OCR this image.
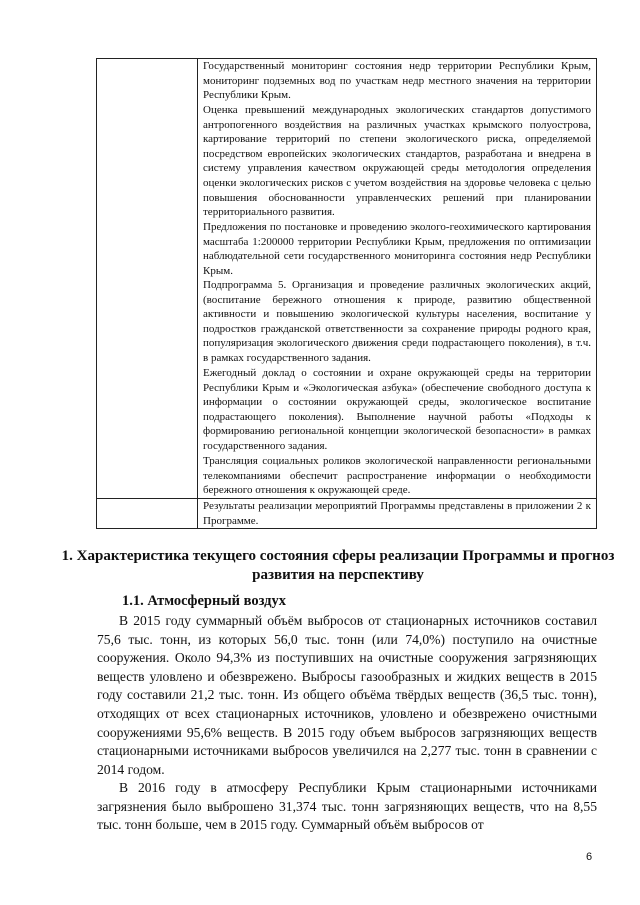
Государственный мониторинг состояния недр территории Республики Крым, мониторинг подземных вод по участкам недр местного значения на территории Республики Крым.
Оценка превышений международных экологических стандартов допустимого антропогенного воздействия на различных участках крымского полуострова, картирование территорий по степени экологического риска, определяемой посредством европейских экологических стандартов, разработана и внедрена в систему управления качеством окружающей среды методология определения оценки экологических рисков с учетом воздействия на здоровье человека с целью повышения обоснованности управленческих решений при планировании территориального развития.
Предложения по постановке и проведению эколого-геохимического картирования масштаба 1:200000 территории Республики Крым, предложения по оптимизации наблюдательной сети государственного мониторинга состояния недр Республики Крым.
Подпрограмма 5. Организация и проведение различных экологических акций, (воспитание бережного отношения к природе, развитию общественной активности и повышению экологической культуры населения, воспитание у подростков гражданской ответственности за сохранение природы родного края, популяризация экологического движения среди подрастающего поколения), в т.ч. в рамках государственного задания.
Ежегодный доклад о состоянии и охране окружающей среды на территории Республики Крым и «Экологическая азбука» (обеспечение свободного доступа к информации о состоянии окружающей среды, экологическое воспитание подрастающего поколения). Выполнение научной работы «Подходы к формированию региональной концепции экологической безопасности» в рамках государственного задания.
Трансляция социальных роликов экологической направленности региональными телекомпаниями обеспечит распространение информации о необходимости бережного отношения к окружающей среде.
Результаты реализации мероприятий Программы представлены в приложении 2 к Программе.
1. Характеристика текущего состояния сферы реализации Программы и прогноз развития на перспективу
1.1. Атмосферный воздух
В 2015 году суммарный объём выбросов от стационарных источников составил 75,6 тыс. тонн, из которых 56,0 тыс. тонн (или 74,0%) поступило на очистные сооружения. Около 94,3% из поступивших на очистные сооружения загрязняющих веществ уловлено и обезврежено. Выбросы газообразных и жидких веществ в 2015 году составили 21,2 тыс. тонн. Из общего объёма твёрдых веществ (36,5 тыс. тонн), отходящих от всех стационарных источников, уловлено и обезврежено очистными сооружениями 95,6% веществ. В 2015 году объем выбросов загрязняющих веществ стационарными источниками выбросов увеличился на 2,277 тыс. тонн в сравнении с 2014 годом.
В 2016 году в атмосферу Республики Крым стационарными источниками загрязнения было выброшено 31,374 тыс. тонн загрязняющих веществ, что на 8,55 тыс. тонн больше, чем в 2015 году. Суммарный объём выбросов от
6
